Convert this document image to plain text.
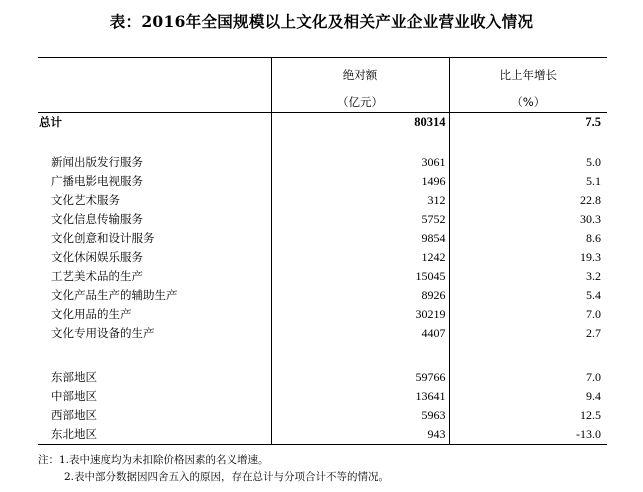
表：2016年全国规模以上文化及相关产业企业营业收入情况
	绝对额	比上年增长
	（亿元）	（%）
总计	80314	7.5

新闻出版发行服务	3061	5.0
广播电影电视服务	1496	5.1
文化艺术服务	312	22.8
文化信息传输服务	5752	30.3
文化创意和设计服务	9854	8.6
文化休闲娱乐服务	1242	19.3
工艺美术品的生产	15045	3.2
文化产品生产的辅助生产	8926	5.4
文化用品的生产	30219	7.0
文化专用设备的生产	4407	2.7

东部地区	59766	7.0
中部地区	13641	9.4
西部地区	5963	12.5
东北地区	943	-13.0
注：1.表中速度均为未扣除价格因素的名义增速。
2.表中部分数据因四舍五入的原因，存在总计与分项合计不等的情况。
